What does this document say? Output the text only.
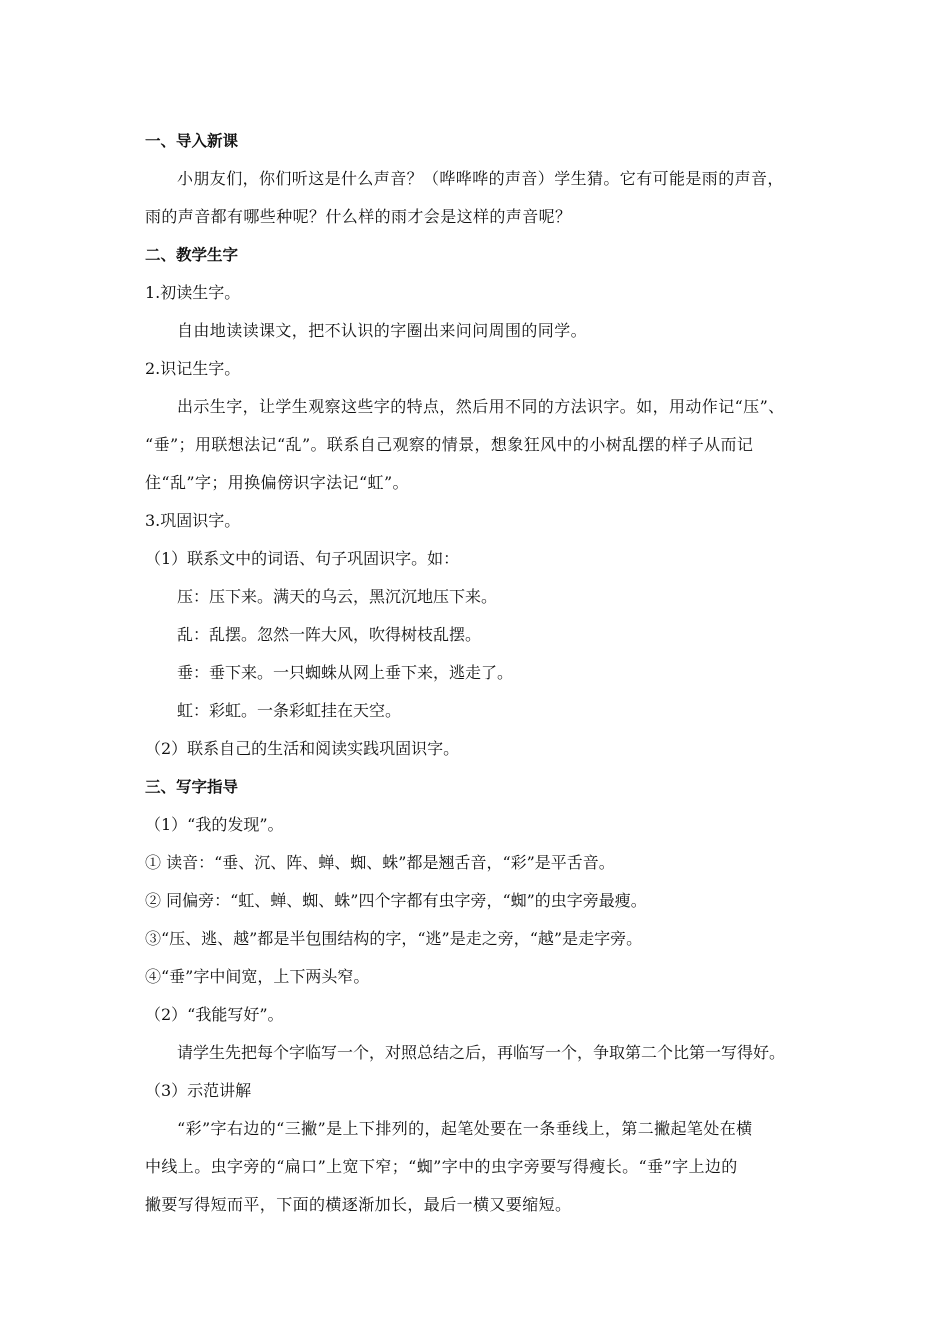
一、导入新课
小朋友们，你们听这是什么声音？（哗哗哗的声音）学生猜。它有可能是雨的声音，
雨的声音都有哪些种呢？什么样的雨才会是这样的声音呢？
二、教学生字
1.初读生字。
自由地读读课文，把不认识的字圈出来问问周围的同学。
2.识记生字。
出示生字，让学生观察这些字的特点，然后用不同的方法识字。如，用动作记“压”、
“垂”；用联想法记“乱”。联系自己观察的情景，想象狂风中的小树乱摆的样子从而记
住“乱”字；用换偏傍识字法记“虹”。
3.巩固识字。
（1）联系文中的词语、句子巩固识字。如：
压：压下来。满天的乌云，黑沉沉地压下来。
乱：乱摆。忽然一阵大风，吹得树枝乱摆。
垂：垂下来。一只蜘蛛从网上垂下来，逃走了。
虹：彩虹。一条彩虹挂在天空。
（2）联系自己的生活和阅读实践巩固识字。
三、写字指导
（1）“我的发现”。
① 读音：“垂、沉、阵、蝉、蜘、蛛”都是翘舌音，“彩”是平舌音。
② 同偏旁：“虹、蝉、蜘、蛛”四个字都有虫字旁，“蜘”的虫字旁最瘦。
③“压、逃、越”都是半包围结构的字，“逃”是走之旁，“越”是走字旁。
④“垂”字中间宽，上下两头窄。
（2）“我能写好”。
请学生先把每个字临写一个，对照总结之后，再临写一个，争取第二个比第一写得好。
（3）示范讲解
“彩”字右边的“三撇”是上下排列的，起笔处要在一条垂线上，第二撇起笔处在横
中线上。虫字旁的“扁口”上宽下窄；“蜘”字中的虫字旁要写得瘦长。“垂”字上边的
撇要写得短而平，下面的横逐渐加长，最后一横又要缩短。
